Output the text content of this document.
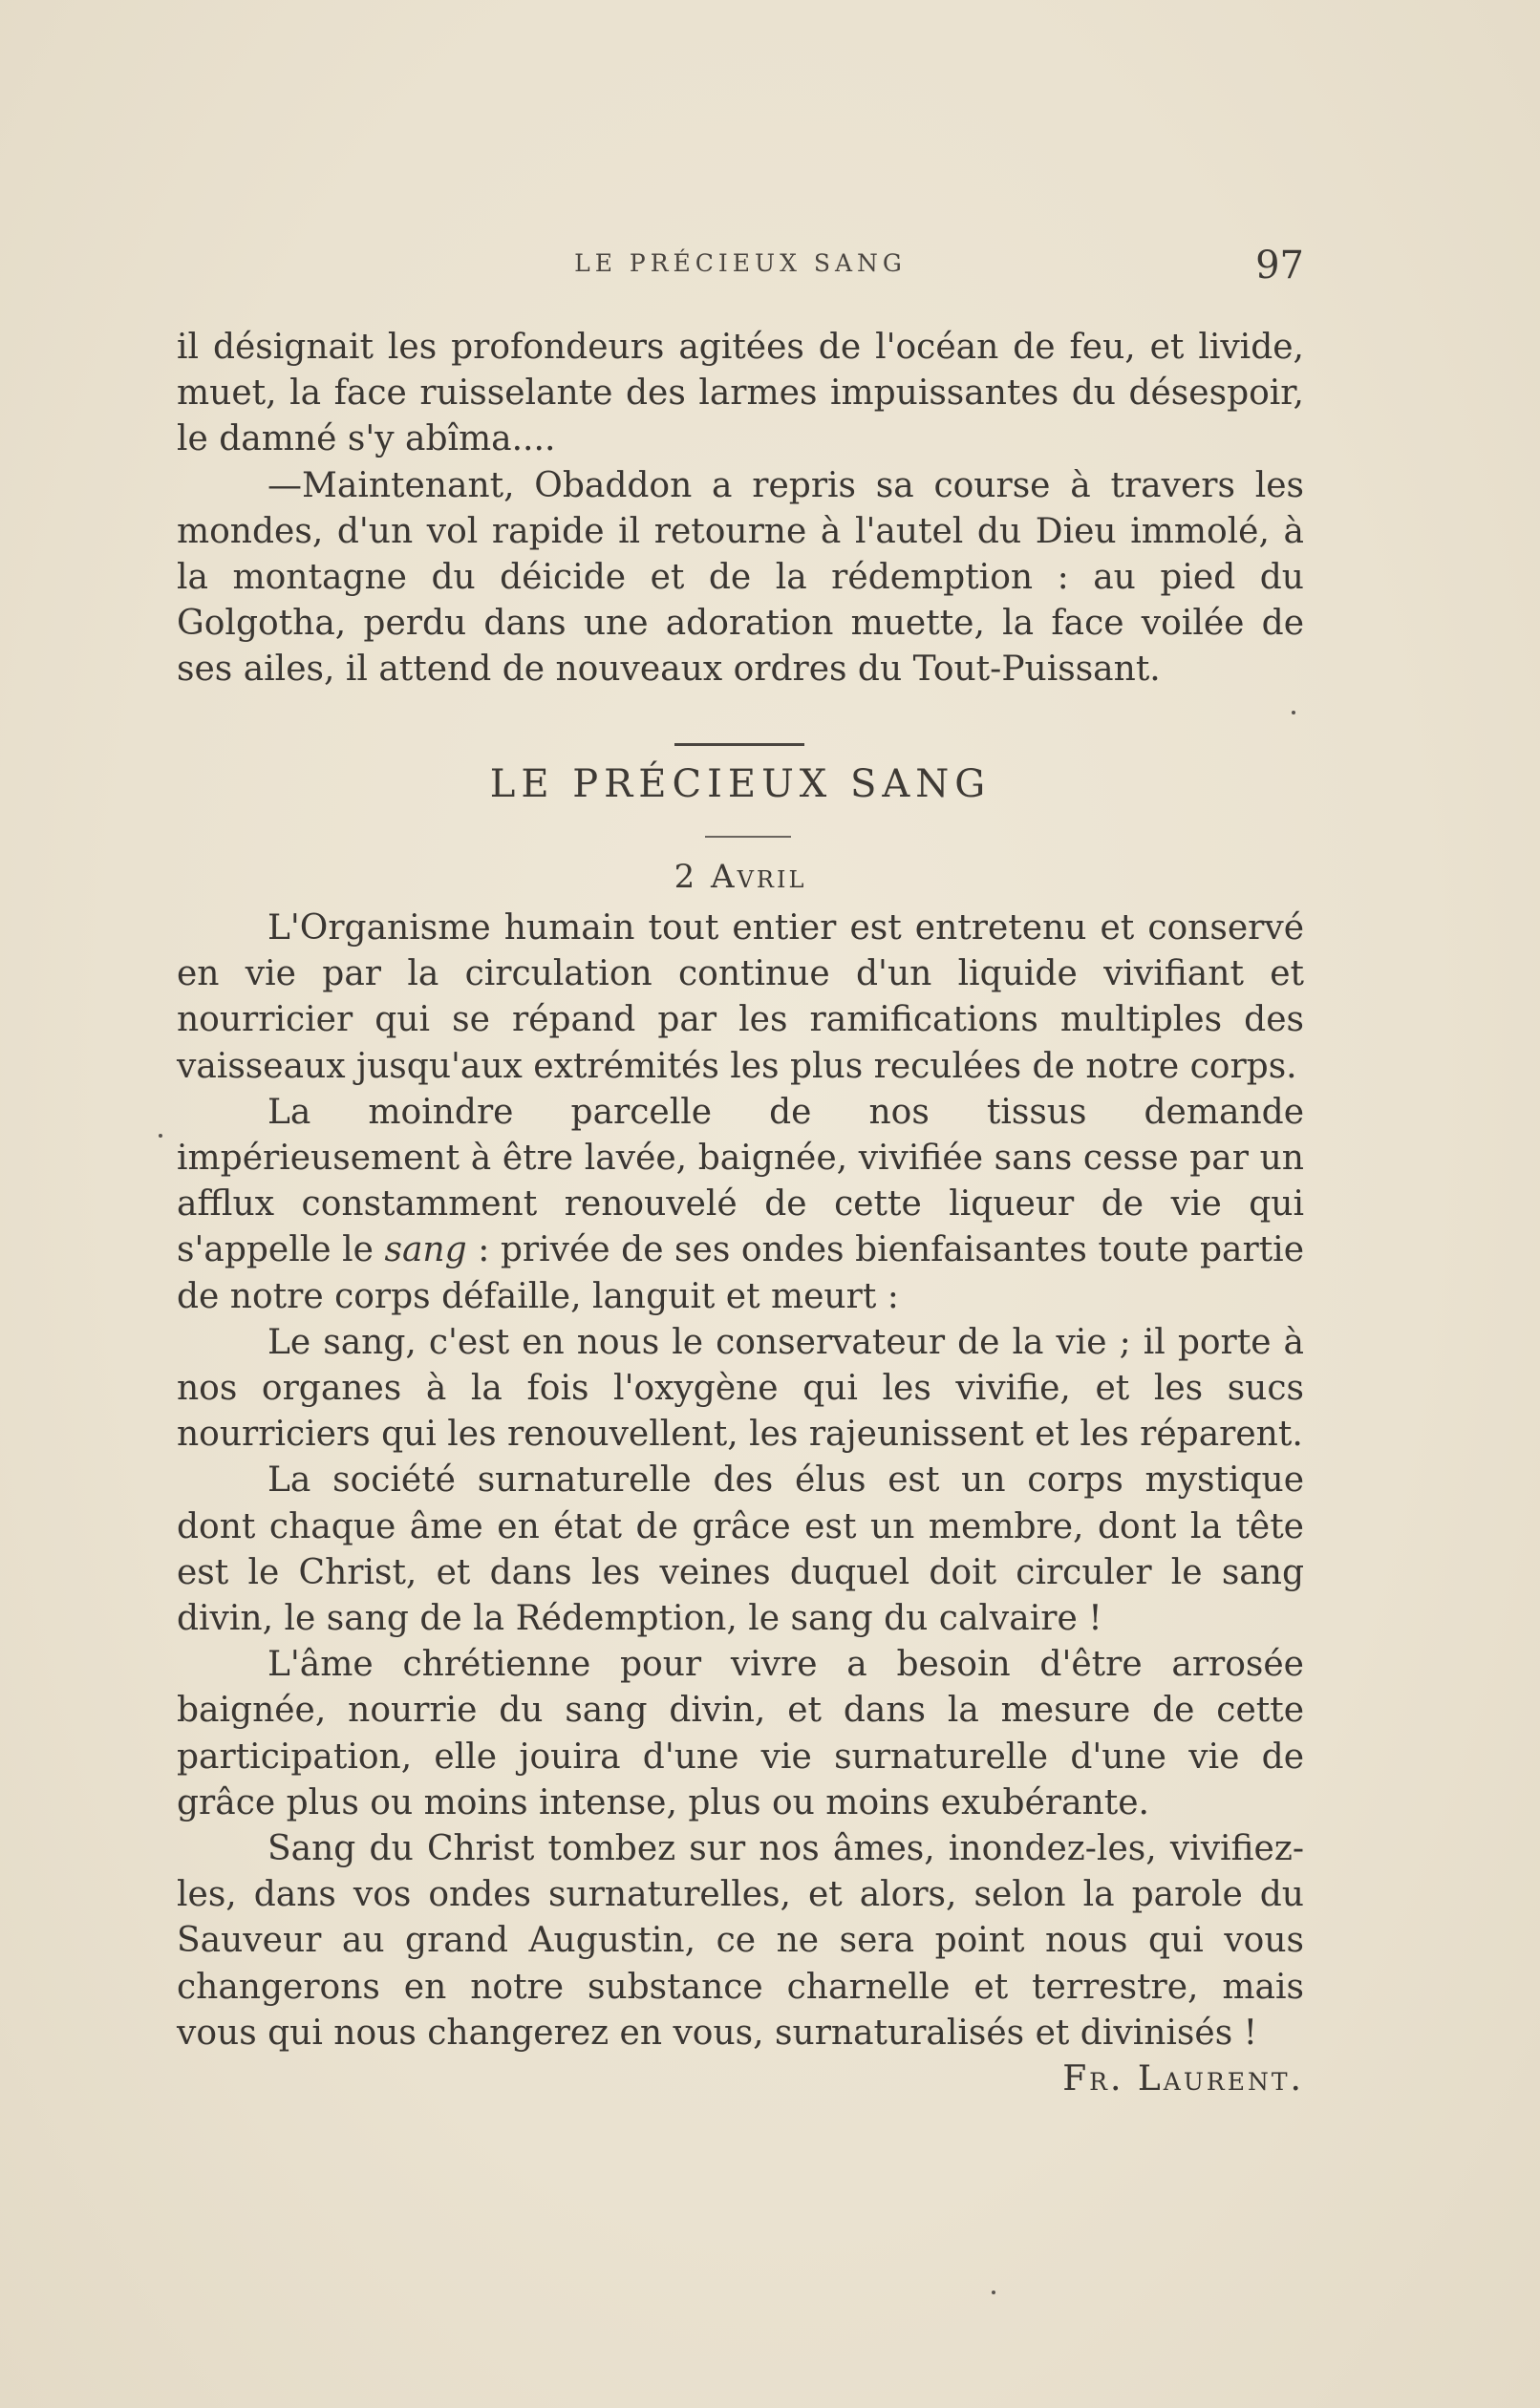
LE PRÉCIEUX SANG	97

il désignait les profondeurs agitées de l'océan de feu, et livide, muet, la face ruisselante des larmes impuissantes du désespoir, le damné s'y abîma....

—Maintenant, Obaddon a repris sa course à travers les mondes, d'un vol rapide il retourne à l'autel du Dieu immolé, à la montagne du déicide et de la rédemption : au pied du Golgotha, perdu dans une adoration muette, la face voilée de ses ailes, il attend de nouveaux ordres du Tout-Puissant.

LE PRÉCIEUX SANG
2 Avril

L'Organisme humain tout entier est entretenu et conservé en vie par la circulation continue d'un liquide vivifiant et nourricier qui se répand par les ramifications multiples des vaisseaux jusqu'aux extrémités les plus reculées de notre corps.

La moindre parcelle de nos tissus demande impérieusement à être lavée, baignée, vivifiée sans cesse par un afflux constamment renouvelé de cette liqueur de vie qui s'appelle le sang : privée de ses ondes bienfaisantes toute partie de notre corps défaille, languit et meurt :

Le sang, c'est en nous le conservateur de la vie ; il porte à nos organes à la fois l'oxygène qui les vivifie, et les sucs nourriciers qui les renouvellent, les rajeunissent et les réparent.

La société surnaturelle des élus est un corps mystique dont chaque âme en état de grâce est un membre, dont la tête est le Christ, et dans les veines duquel doit circuler le sang divin, le sang de la Rédemption, le sang du calvaire !

L'âme chrétienne pour vivre a besoin d'être arrosée baignée, nourrie du sang divin, et dans la mesure de cette participation, elle jouira d'une vie surnaturelle d'une vie de grâce plus ou moins intense, plus ou moins exubérante.

Sang du Christ tombez sur nos âmes, inondez-les, vivifiez-les, dans vos ondes surnaturelles, et alors, selon la parole du Sauveur au grand Augustin, ce ne sera point nous qui vous changerons en notre substance charnelle et terrestre, mais vous qui nous changerez en vous, surnaturalisés et divinisés !

Fr. Laurent.
